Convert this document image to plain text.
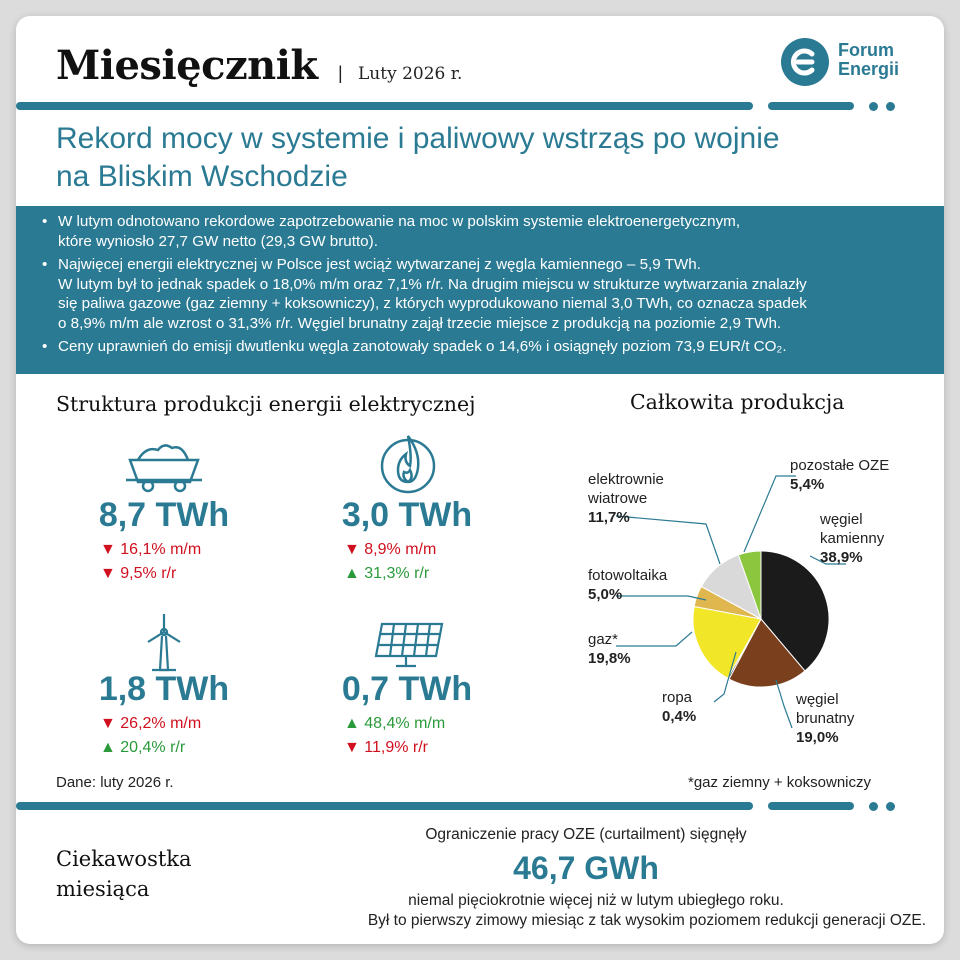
Miesięcznik | Luty 2026 r.
Forum
Energii
Rekord mocy w systemie i paliwowy wstrząs po wojnie
na Bliskim Wschodzie
• W lutym odnotowano rekordowe zapotrzebowanie na moc w polskim systemie elektroenergetycznym,
które wyniosło 27,7 GW netto (29,3 GW brutto).
• Najwięcej energii elektrycznej w Polsce jest wciąż wytwarzanej z węgla kamiennego – 5,9 TWh.
W lutym był to jednak spadek o 18,0% m/m oraz 7,1% r/r. Na drugim miejscu w strukturze wytwarzania znalazły
się paliwa gazowe (gaz ziemny + koksowniczy), z których wyprodukowano niemal 3,0 TWh, co oznacza spadek
o 8,9% m/m ale wzrost o 31,3% r/r. Węgiel brunatny zajął trzecie miejsce z produkcją na poziomie 2,9 TWh.
• Ceny uprawnień do emisji dwutlenku węgla zanotowały spadek o 14,6% i osiągnęły poziom 73,9 EUR/t CO₂.
Struktura produkcji energii elektrycznej
8,7 TWh
▼ 16,1% m/m
▼ 9,5% r/r
3,0 TWh
▼ 8,9% m/m
▲ 31,3% r/r
1,8 TWh
▼ 26,2% m/m
▲ 20,4% r/r
0,7 TWh
▲ 48,4% m/m
▼ 11,9% r/r
Całkowita produkcja
węgiel
kamienny
38,9%
węgiel
brunatny
19,0%
ropa
0,4%
gaz*
19,8%
fotowoltaika
5,0%
elektrownie
wiatrowe
11,7%
pozostałe OZE
5,4%
Dane: luty 2026 r.	*gaz ziemny + koksowniczy
Ciekawostka
miesiąca
Ograniczenie pracy OZE (curtailment) sięgnęły
46,7 GWh
niemal pięciokrotnie więcej niż w lutym ubiegłego roku.
Był to pierwszy zimowy miesiąc z tak wysokim poziomem redukcji generacji OZE.
